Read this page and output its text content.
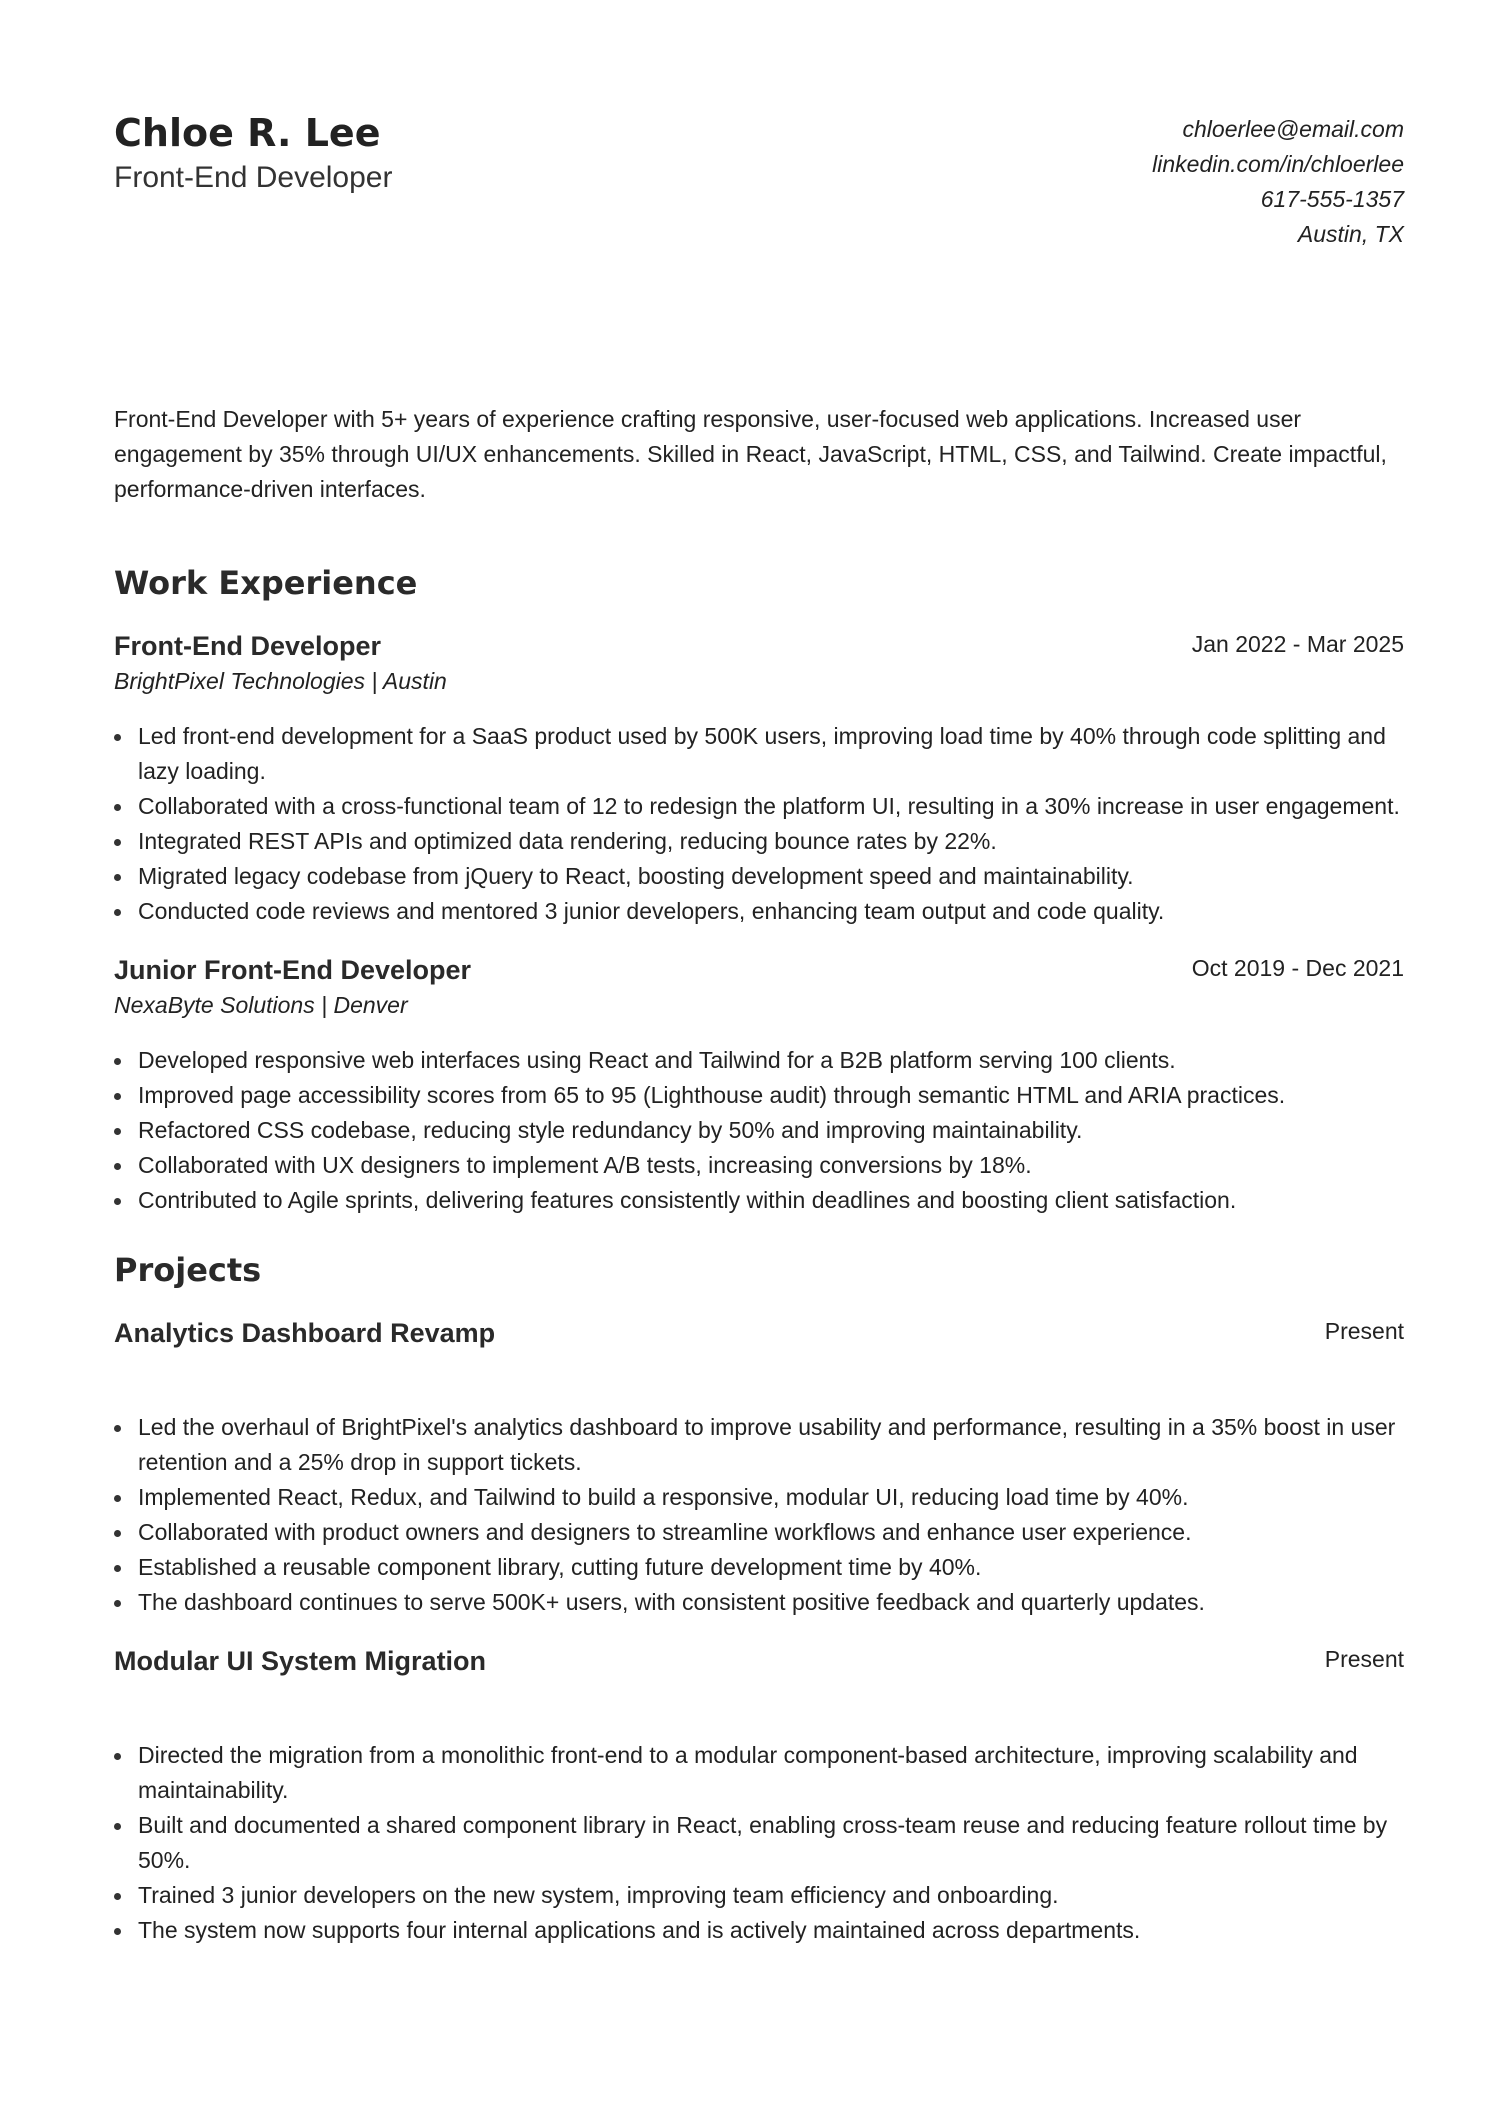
Chloe R. Lee

Front-End Developer

chloerlee@email.com
linkedin.com/in/chloerlee
617-555-1357
Austin, TX

Front-End Developer with 5+ years of experience crafting responsive, user-focused web applications. Increased user engagement by 35% through UI/UX enhancements. Skilled in React, JavaScript, HTML, CSS, and Tailwind. Create impactful, performance-driven interfaces.

Work Experience

Front-End Developer

BrightPixel Technologies | Austin

Jan 2022 - Mar 2025
Led front-end development for a SaaS product used by 500K users, improving load time by 40% through code splitting and lazy loading.
Collaborated with a cross-functional team of 12 to redesign the platform UI, resulting in a 30% increase in user engagement.
Integrated REST APIs and optimized data rendering, reducing bounce rates by 22%.
Migrated legacy codebase from jQuery to React, boosting development speed and maintainability.
Conducted code reviews and mentored 3 junior developers, enhancing team output and code quality.

Junior Front-End Developer

NexaByte Solutions | Denver

Oct 2019 - Dec 2021
Developed responsive web interfaces using React and Tailwind for a B2B platform serving 100 clients.
Improved page accessibility scores from 65 to 95 (Lighthouse audit) through semantic HTML and ARIA practices.
Refactored CSS codebase, reducing style redundancy by 50% and improving maintainability.
Collaborated with UX designers to implement A/B tests, increasing conversions by 18%.
Contributed to Agile sprints, delivering features consistently within deadlines and boosting client satisfaction.
Projects

Analytics Dashboard Revamp	Present
Led the overhaul of BrightPixel's analytics dashboard to improve usability and performance, resulting in a 35% boost in user retention and a 25% drop in support tickets.
Implemented React, Redux, and Tailwind to build a responsive, modular UI, reducing load time by 40%.
Collaborated with product owners and designers to streamline workflows and enhance user experience.
Established a reusable component library, cutting future development time by 40%.
The dashboard continues to serve 500K+ users, with consistent positive feedback and quarterly updates.

Modular UI System Migration	Present
Directed the migration from a monolithic front-end to a modular component-based architecture, improving scalability and maintainability.
Built and documented a shared component library in React, enabling cross-team reuse and reducing feature rollout time by 50%.
Trained 3 junior developers on the new system, improving team efficiency and onboarding.
The system now supports four internal applications and is actively maintained across departments.
